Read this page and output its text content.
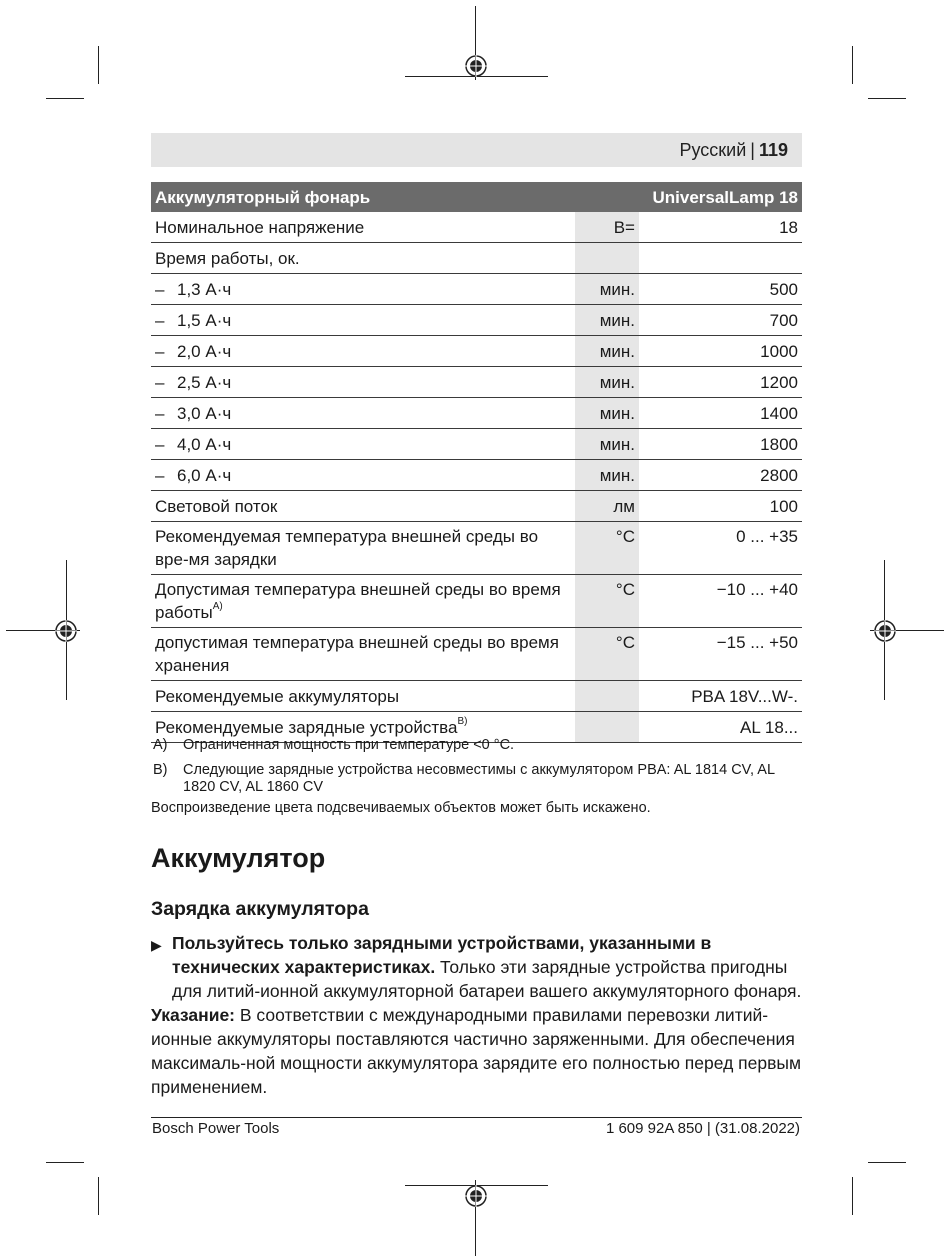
Русский | 119
Аккумуляторный фонарь		UniversalLamp 18
Номинальное напряжение	В=	18
Время работы, ок.		
– 1,3 А·ч	мин.	500
– 1,5 А·ч	мин.	700
– 2,0 А·ч	мин.	1000
– 2,5 А·ч	мин.	1200
– 3,0 А·ч	мин.	1400
– 4,0 А·ч	мин.	1800
– 6,0 А·ч	мин.	2800
Световой поток	лм	100
Рекомендуемая температура внешней среды во вре-мя зарядки	°C	0 ... +35
Допустимая температура внешней среды во время работы$^{A)}$	°C	−10 ... +40
допустимая температура внешней среды во время хранения	°C	−15 ... +50
Рекомендуемые аккумуляторы		PBA 18V...W-.
Рекомендуемые зарядные устройства$^{B)}$		AL 18...
A) Ограниченная мощность при температуре <0 °C.
B) Следующие зарядные устройства несовместимы с аккумулятором PBA: AL 1814 CV, AL 1820 CV, AL 1860 CV
Воспроизведение цвета подсвечиваемых объектов может быть искажено.
Аккумулятор
Зарядка аккумулятора
▶ Пользуйтесь только зарядными устройствами, указанными в технических характеристиках. Только эти зарядные устройства пригодны для литий-ионной аккумуляторной батареи вашего аккумуляторного фонаря.
Указание: В соответствии с международными правилами перевозки литий-ионные аккумуляторы поставляются частично заряженными. Для обеспечения максималь-ной мощности аккумулятора зарядите его полностью перед первым применением.
Bosch Power Tools	1 609 92A 850 | (31.08.2022)
